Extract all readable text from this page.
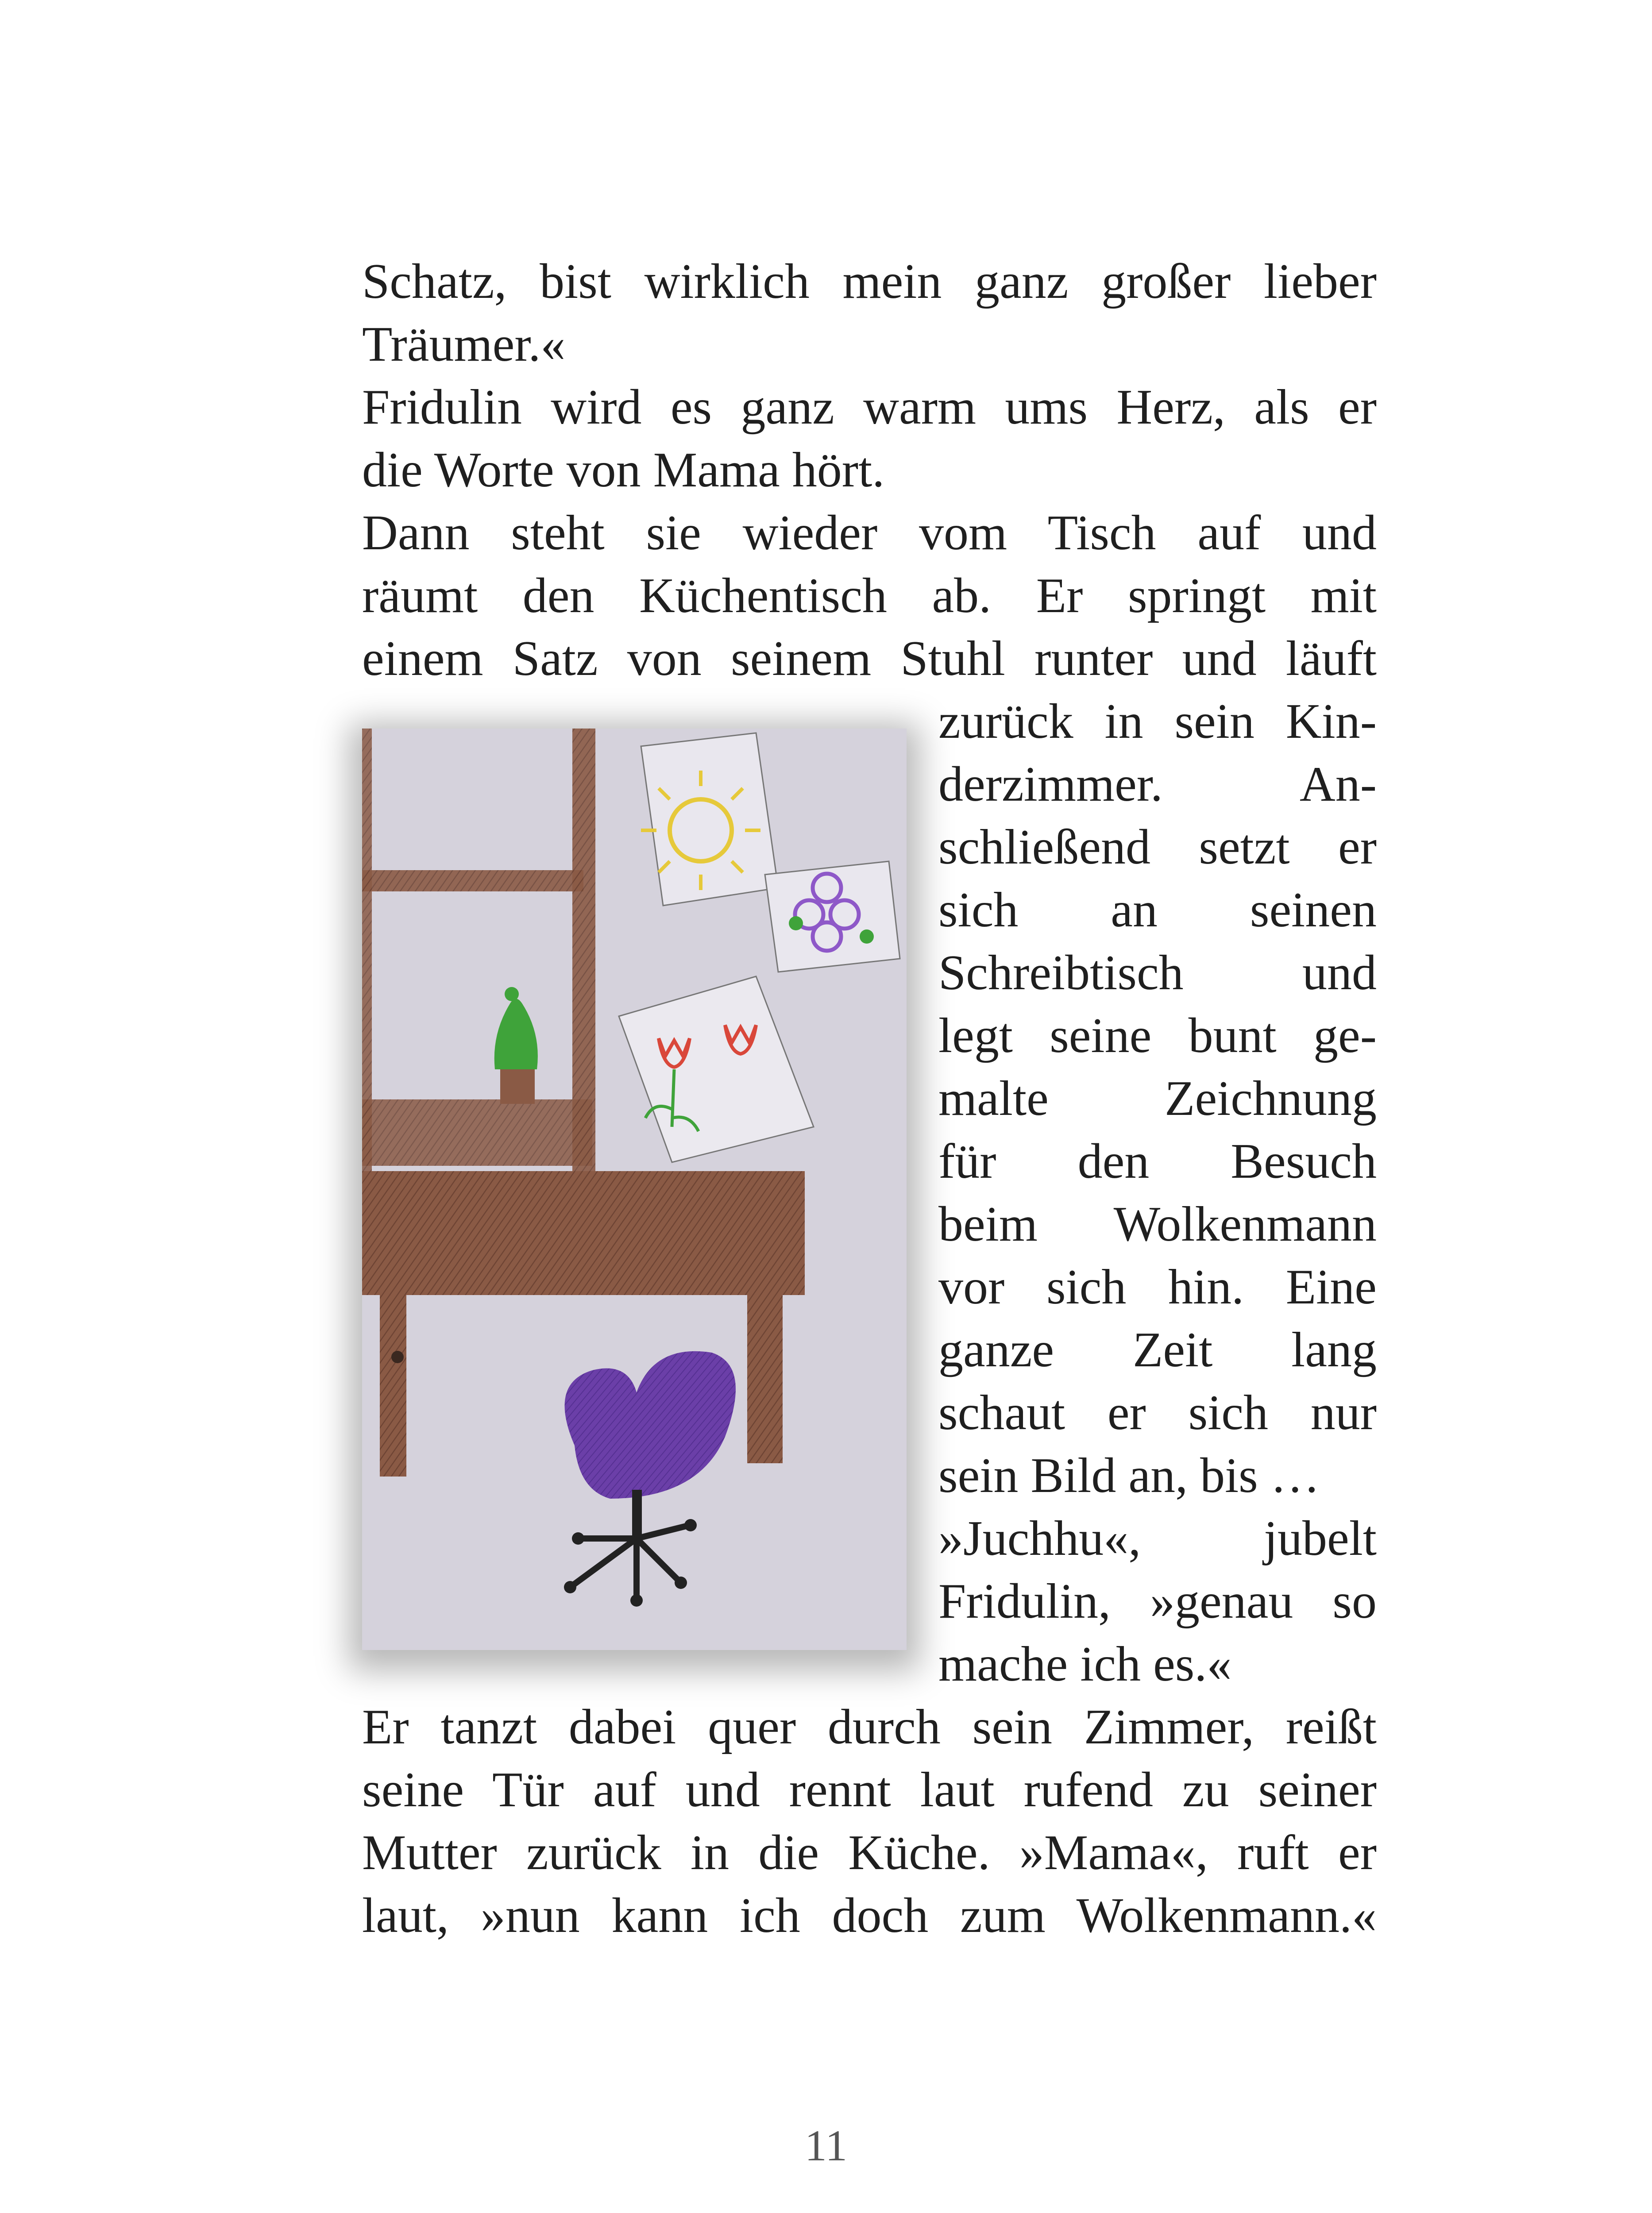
Schatz, bist wirklich mein ganz großer lieber
Träumer.«
Fridulin wird es ganz warm ums Herz, als er
die Worte von Mama hört.
Dann steht sie wieder vom Tisch auf und
räumt den Küchentisch ab. Er springt mit
einem Satz von seinem Stuhl runter und läuft
zurück in sein Kin-
derzimmer. An-
schließend setzt er
sich an seinen
Schreibtisch und
legt seine bunt ge-
malte Zeichnung
für den Besuch
beim Wolkenmann
vor sich hin. Eine
ganze Zeit lang
schaut er sich nur
sein Bild an, bis …
»Juchhu«, jubelt
Fridulin, »genau so
mache ich es.«
Er tanzt dabei quer durch sein Zimmer, reißt
seine Tür auf und rennt laut rufend zu seiner
Mutter zurück in die Küche. »Mama«, ruft er
laut, »nun kann ich doch zum Wolkenmann.«
11
